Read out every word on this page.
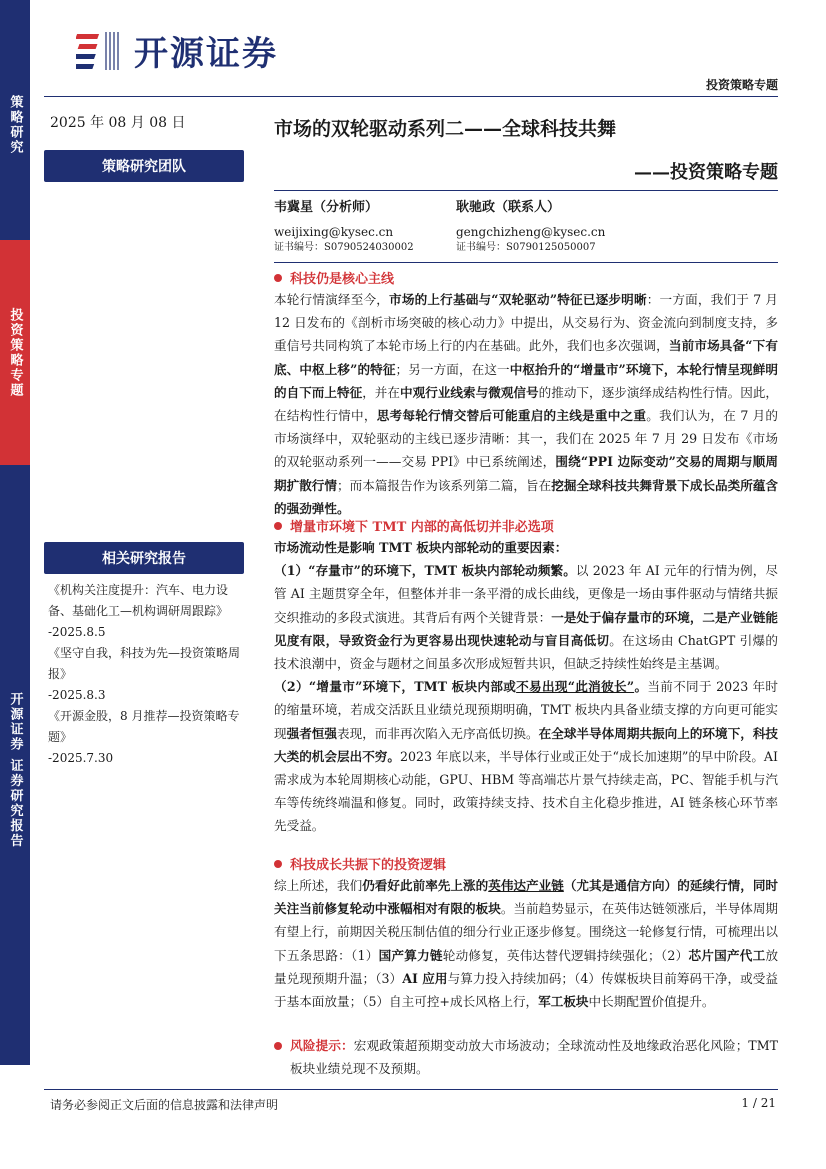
策略研究
投资策略专题
开源证券 证券研究报告
开源证券
投资策略专题
2025 年 08 月 08 日
策略研究团队
相关研究报告
《机构关注度提升：汽车、电力设备、基础化工—机构调研周跟踪》
-2025.8.5
《坚守自我，科技为先—投资策略周报》
-2025.8.3
《开源金股，8 月推荐—投资策略专题》
-2025.7.30
市场的双轮驱动系列二——全球科技共舞
——投资策略专题
韦冀星（分析师）
weijixing@kysec.cn
证书编号：S0790524030002
耿驰政（联系人）
gengchizheng@kysec.cn
证书编号：S0790125050007
科技仍是核心主线
本轮行情演绎至今，市场的上行基础与“双轮驱动”特征已逐步明晰：一方面，我们于 7 月 12 日发布的《剖析市场突破的核心动力》中提出，从交易行为、资金流向到制度支持，多重信号共同构筑了本轮市场上行的内在基础。此外，我们也多次强调，当前市场具备“下有底、中枢上移”的特征；另一方面，在这一中枢抬升的“增量市”环境下，本轮行情呈现鲜明的自下而上特征，并在中观行业线索与微观信号的推动下，逐步演绎成结构性行情。因此，在结构性行情中，思考每轮行情交替后可能重启的主线是重中之重。我们认为，在 7 月的市场演绎中，双轮驱动的主线已逐步清晰：其一，我们在 2025 年 7 月 29 日发布《市场的双轮驱动系列一——交易 PPI》中已系统阐述，围绕“PPI 边际变动”交易的周期与顺周期扩散行情；而本篇报告作为该系列第二篇，旨在挖掘全球科技共舞背景下成长品类所蕴含的强劲弹性。
增量市环境下 TMT 内部的高低切并非必选项
市场流动性是影响 TMT 板块内部轮动的重要因素：
（1）“存量市”的环境下，TMT 板块内部轮动频繁。以 2023 年 AI 元年的行情为例，尽管 AI 主题贯穿全年，但整体并非一条平滑的成长曲线，更像是一场由事件驱动与情绪共振交织推动的多段式演进。其背后有两个关键背景：一是处于偏存量市的环境，二是产业链能见度有限，导致资金行为更容易出现快速轮动与盲目高低切。在这场由 ChatGPT 引爆的技术浪潮中，资金与题材之间虽多次形成短暂共识，但缺乏持续性始终是主基调。
（2）“增量市”环境下，TMT 板块内部或不易出现“此消彼长”。当前不同于 2023 年时的缩量环境，若成交活跃且业绩兑现预期明确，TMT 板块内具备业绩支撑的方向更可能实现强者恒强表现，而非再次陷入无序高低切换。在全球半导体周期共振向上的环境下，科技大类的机会层出不穷。2023 年底以来，半导体行业或正处于“成长加速期”的早中阶段。AI 需求成为本轮周期核心动能，GPU、HBM 等高端芯片景气持续走高，PC、智能手机与汽车等传统终端温和修复。同时，政策持续支持、技术自主化稳步推进，AI 链条核心环节率先受益。
科技成长共振下的投资逻辑
综上所述，我们仍看好此前率先上涨的英伟达产业链（尤其是通信方向）的延续行情，同时关注当前修复轮动中涨幅相对有限的板块。当前趋势显示，在英伟达链领涨后，半导体周期有望上行，前期因关税压制估值的细分行业正逐步修复。围绕这一轮修复行情，可梳理出以下五条思路：（1）国产算力链轮动修复，英伟达替代逻辑持续强化；（2）芯片国产代工放量兑现预期升温；（3）AI 应用与算力投入持续加码；（4）传媒板块目前筹码干净，或受益于基本面放量；（5）自主可控+成长风格上行，军工板块中长期配置价值提升。
风险提示：宏观政策超预期变动放大市场波动；全球流动性及地缘政治恶化风险；TMT 板块业绩兑现不及预期。
请务必参阅正文后面的信息披露和法律声明	1 / 21
